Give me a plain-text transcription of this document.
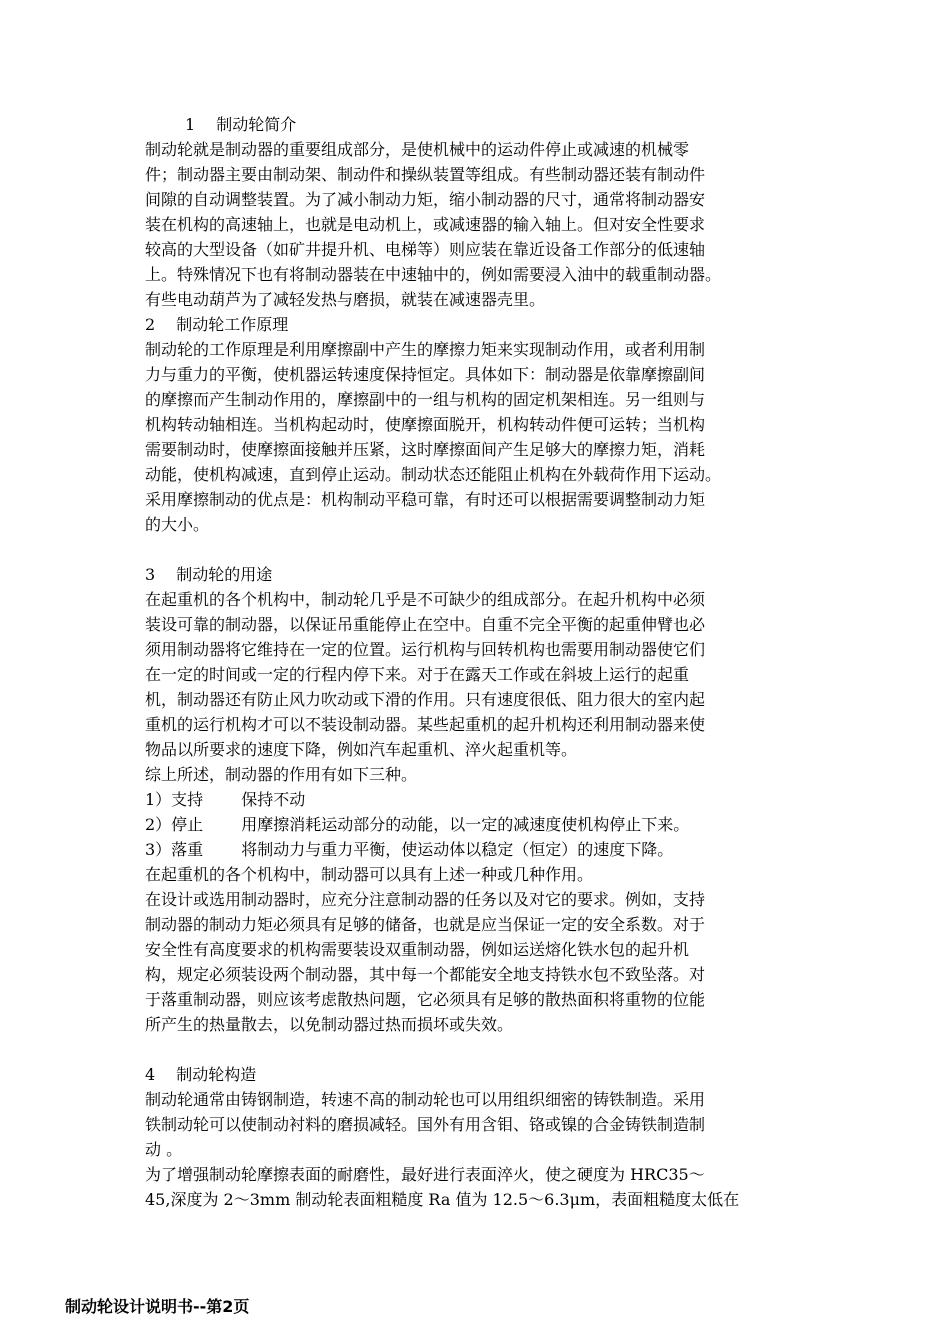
1　 制动轮简介
制动轮就是制动器的重要组成部分，是使机械中的运动件停止或减速的机械零
件；制动器主要由制动架、制动件和操纵装置等组成。有些制动器还装有制动件
间隙的自动调整装置。为了减小制动力矩，缩小制动器的尺寸，通常将制动器安
装在机构的高速轴上，也就是电动机上，或减速器的输入轴上。但对安全性要求
较高的大型设备（如矿井提升机、电梯等）则应装在靠近设备工作部分的低速轴
上。特殊情况下也有将制动器装在中速轴中的，例如需要浸入油中的载重制动器。
有些电动葫芦为了减轻发热与磨损，就装在减速器壳里。
2　 制动轮工作原理
制动轮的工作原理是利用摩擦副中产生的摩擦力矩来实现制动作用，或者利用制
力与重力的平衡，使机器运转速度保持恒定。具体如下：制动器是依靠摩擦副间
的摩擦而产生制动作用的，摩擦副中的一组与机构的固定机架相连。另一组则与
机构转动轴相连。当机构起动时，使摩擦面脱开，机构转动件便可运转；当机构
需要制动时，使摩擦面接触并压紧，这时摩擦面间产生足够大的摩擦力矩，消耗
动能，使机构减速，直到停止运动。制动状态还能阻止机构在外载荷作用下运动。
采用摩擦制动的优点是：机构制动平稳可靠，有时还可以根据需要调整制动力矩
的大小。
3　 制动轮的用途
在起重机的各个机构中，制动轮几乎是不可缺少的组成部分。在起升机构中必须
装设可靠的制动器，以保证吊重能停止在空中。自重不完全平衡的起重伸臂也必
须用制动器将它维持在一定的位置。运行机构与回转机构也需要用制动器使它们
在一定的时间或一定的行程内停下来。对于在露天工作或在斜坡上运行的起重
机，制动器还有防止风力吹动或下滑的作用。只有速度很低、阻力很大的室内起
重机的运行机构才可以不装设制动器。某些起重机的起升机构还利用制动器来使
物品以所要求的速度下降，例如汽车起重机、淬火起重机等。
综上所述，制动器的作用有如下三种。
1）支持 保持不动
2）停止 用摩擦消耗运动部分的动能，以一定的减速度使机构停止下来。
3）落重 将制动力与重力平衡，使运动体以稳定（恒定）的速度下降。
在起重机的各个机构中，制动器可以具有上述一种或几种作用。
在设计或选用制动器时，应充分注意制动器的任务以及对它的要求。例如，支持
制动器的制动力矩必须具有足够的储备，也就是应当保证一定的安全系数。对于
安全性有高度要求的机构需要装设双重制动器，例如运送熔化铁水包的起升机
构，规定必须装设两个制动器，其中每一个都能安全地支持铁水包不致坠落。对
于落重制动器，则应该考虑散热问题，它必须具有足够的散热面积将重物的位能
所产生的热量散去，以免制动器过热而损坏或失效。
4　 制动轮构造
制动轮通常由铸钢制造，转速不高的制动轮也可以用组织细密的铸铁制造。采用
铁制动轮可以使制动衬料的磨损减轻。国外有用含钼、铬或镍的合金铸铁制造制
动 。
为了增强制动轮摩擦表面的耐磨性，最好进行表面淬火，使之硬度为 HRC35～
45,深度为 2～3mm 制动轮表面粗糙度 Ra 值为 12.5～6.3μm，表面粗糙度太低在
制动轮设计说明书--第2页
